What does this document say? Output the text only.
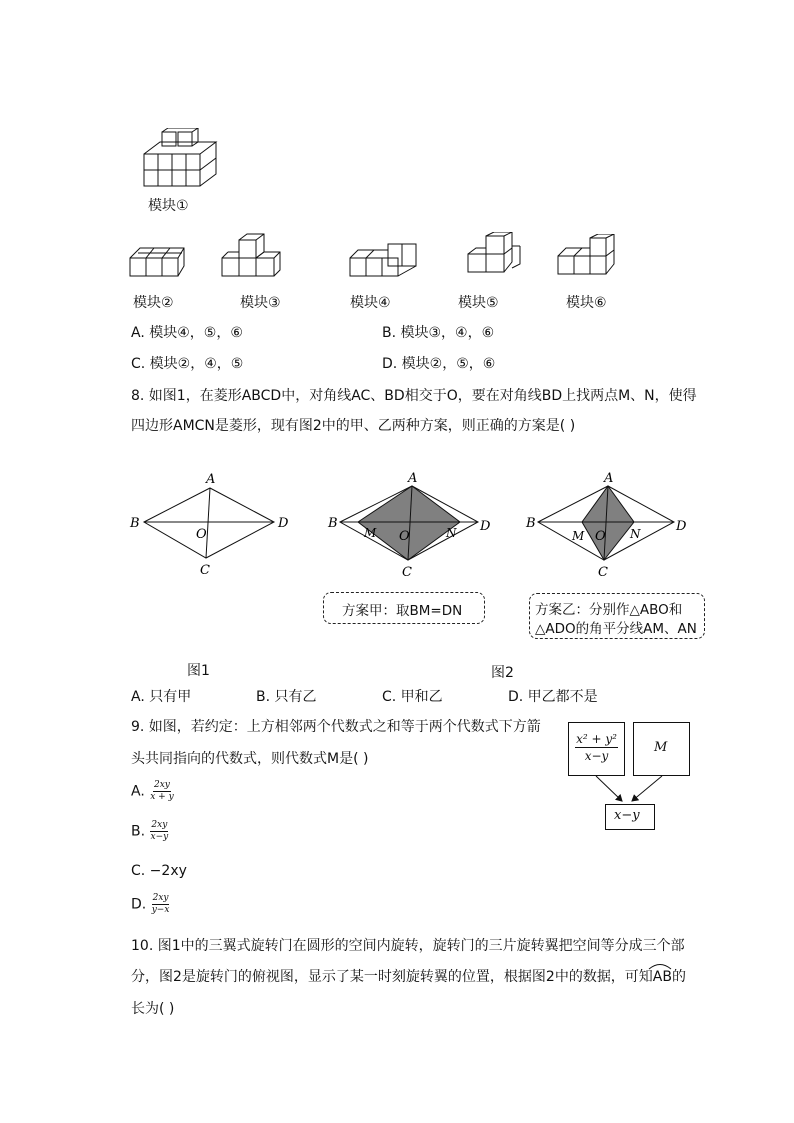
模块①
模块②	模块③	模块④	模块⑤	模块⑥
A. 模块④，⑤，⑥	B. 模块③，④，⑥
C. 模块②，④，⑤	D. 模块②，⑤，⑥
8. 如图1，在菱形ABCD中，对角线AC、BD相交于O，要在对角线BD上找两点M、N，使得
四边形AMCN是菱形，现有图2中的甲、乙两种方案，则正确的方案是( )
A
B	D
O
C
A
B	D
M O	N
C
A
B	D
M O N
C
方案甲：取BM=DN	方案乙：分别作△ABO和
△ADO的角平分线AM、AN
图1	图2
A. 只有甲	B. 只有乙	C. 甲和乙	D. 甲乙都不是
9. 如图，若约定：上方相邻两个代数式之和等于两个代数式下方箭
头共同指向的代数式，则代数式M是( )	$\frac{\text{x² + y²}}{x-y}$ M
x−y
A. $\frac{2xy}{x + y}$
B. $\frac{2xy}{x-y}$
C. −2xy
D. $\frac{2xy}{y-x}$
10. 图1中的三翼式旋转门在圆形的空间内旋转，旋转门的三片旋转翼把空间等分成三个部
分，图2是旋转门的俯视图，显示了某一时刻旋转翼的位置，根据图2中的数据，可知AB的
长为( )
